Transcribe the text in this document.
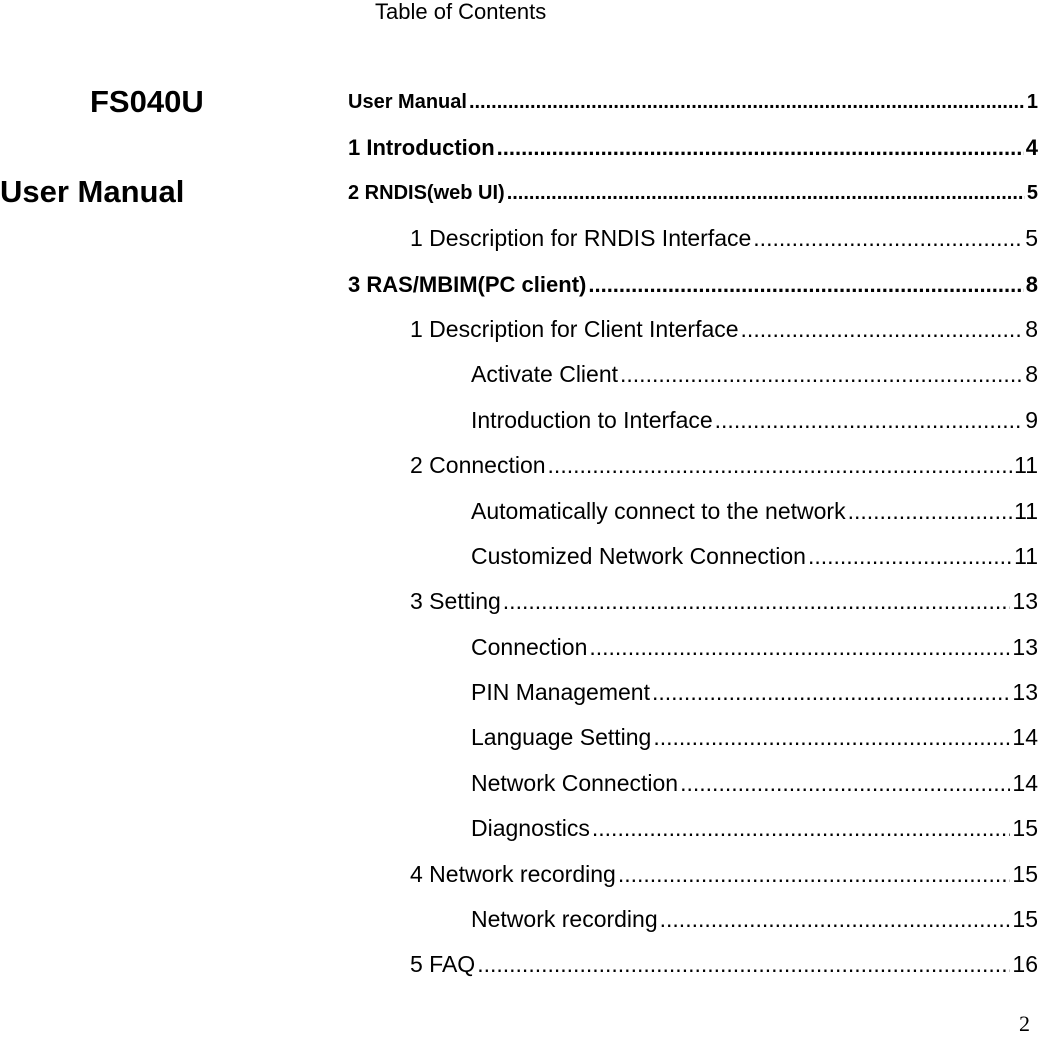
Table of Contents
FS040U
User Manual
User Manual .....	1
1 Introduction .....	4
2 RNDIS(web UI) .....	5
1 Description for RNDIS Interface .....	5
3 RAS/MBIM(PC client) .....	8
1 Description for Client Interface .....	8
Activate Client .....	8
Introduction to Interface .....	9
2 Connection .....	11
Automatically connect to the network .....	11
Customized Network Connection .....	11
3 Setting .....	13
Connection .....	13
PIN Management .....	13
Language Setting .....	14
Network Connection .....	14
Diagnostics .....	15
4 Network recording .....	15
Network recording .....	15
5 FAQ .....	16
2
